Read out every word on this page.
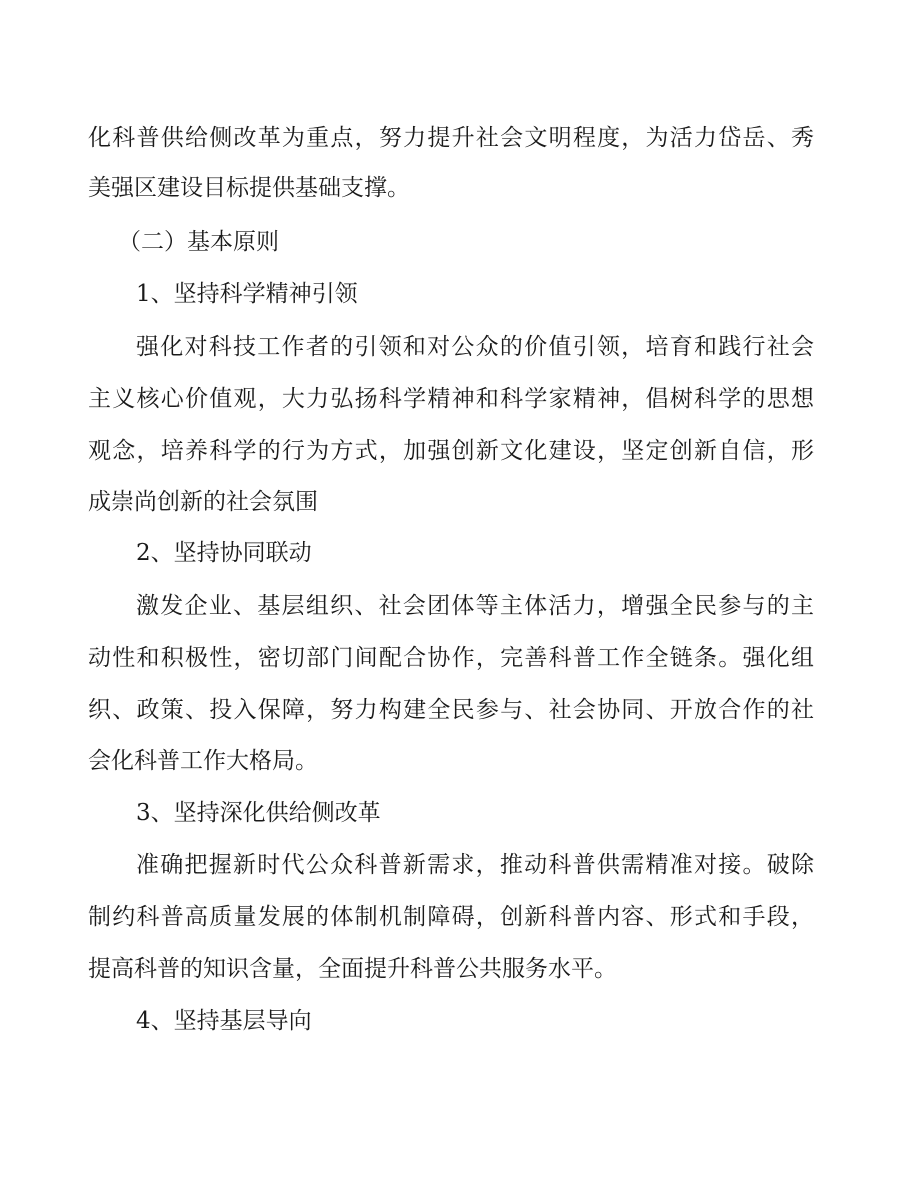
化科普供给侧改革为重点，努力提升社会文明程度，为活力岱岳、秀
美强区建设目标提供基础支撑。
（二）基本原则
1、坚持科学精神引领
强化对科技工作者的引领和对公众的价值引领，培育和践行社会
主义核心价值观，大力弘扬科学精神和科学家精神，倡树科学的思想
观念，培养科学的行为方式，加强创新文化建设，坚定创新自信，形
成崇尚创新的社会氛围
2、坚持协同联动
激发企业、基层组织、社会团体等主体活力，增强全民参与的主
动性和积极性，密切部门间配合协作，完善科普工作全链条。强化组
织、政策、投入保障，努力构建全民参与、社会协同、开放合作的社
会化科普工作大格局。
3、坚持深化供给侧改革
准确把握新时代公众科普新需求，推动科普供需精准对接。破除
制约科普高质量发展的体制机制障碍，创新科普内容、形式和手段，
提高科普的知识含量，全面提升科普公共服务水平。
4、坚持基层导向
